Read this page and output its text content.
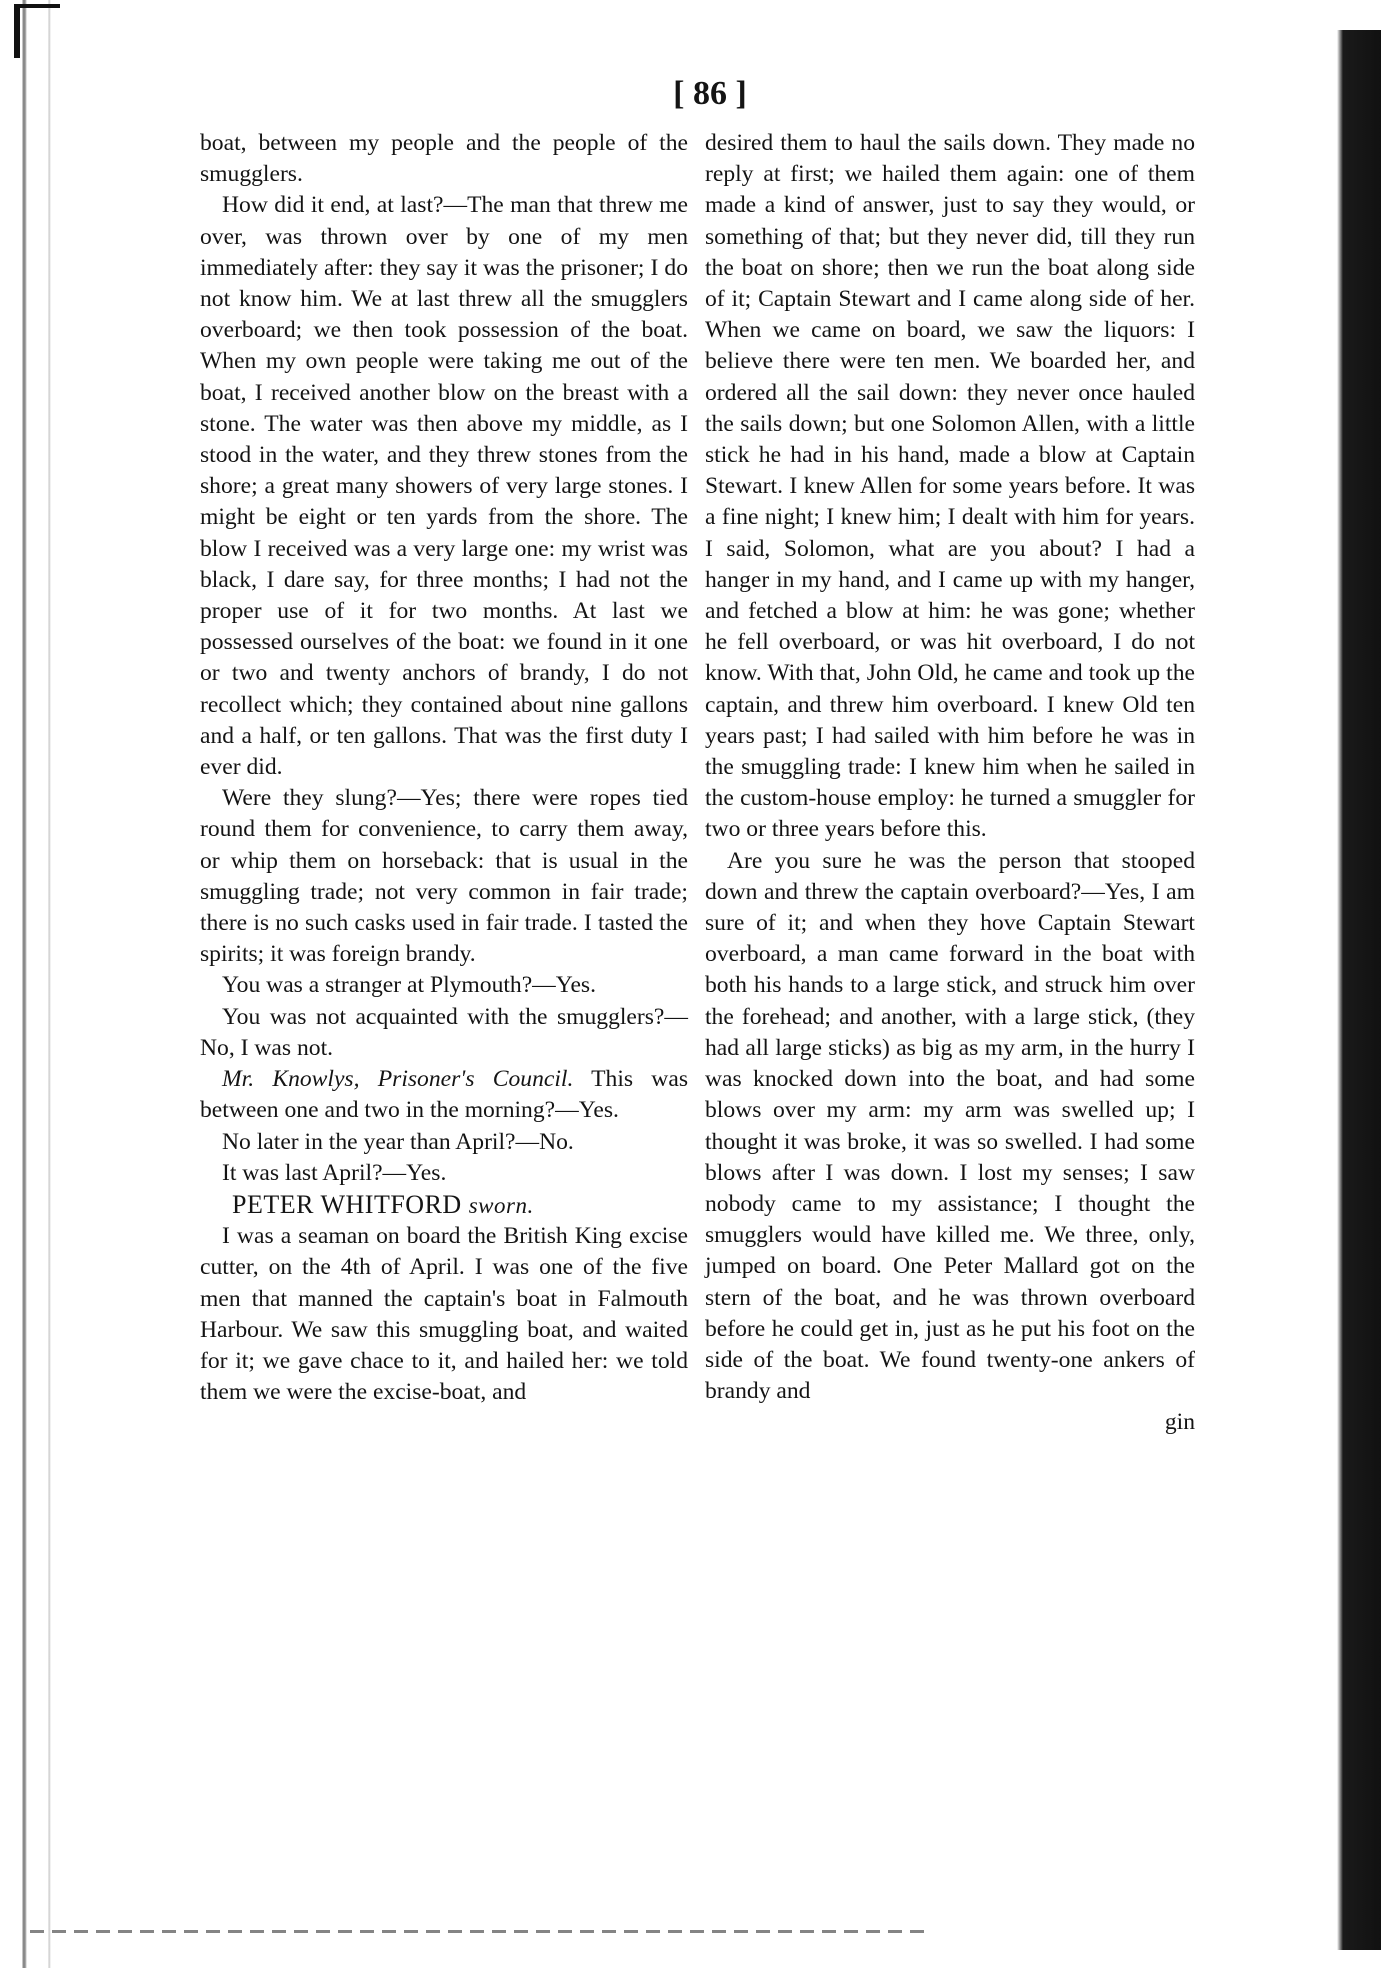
[ 86 ]

boat, between my people and the people of the smugglers.

How did it end, at last?—The man that threw me over, was thrown over by one of my men immediately after: they say it was the prisoner; I do not know him. We at last threw all the smugglers overboard; we then took possession of the boat. When my own people were taking me out of the boat, I received another blow on the breast with a stone. The water was then above my middle, as I stood in the water, and they threw stones from the shore; a great many showers of very large stones. I might be eight or ten yards from the shore. The blow I received was a very large one: my wrist was black, I dare say, for three months; I had not the proper use of it for two months. At last we possessed ourselves of the boat: we found in it one or two and twenty anchors of brandy, I do not recollect which; they contained about nine gallons and a half, or ten gallons. That was the first duty I ever did.

Were they slung?—Yes; there were ropes tied round them for convenience, to carry them away, or whip them on horseback: that is usual in the smuggling trade; not very common in fair trade; there is no such casks used in fair trade. I tasted the spirits; it was foreign brandy.

You was a stranger at Plymouth?—Yes.

You was not acquainted with the smugglers?—No, I was not.

Mr. Knowlys, Prisoner's Council. This was between one and two in the morning?—Yes.

No later in the year than April?—No.

It was last April?—Yes.

PETER WHITFORD sworn.

I was a seaman on board the British King excise cutter, on the 4th of April. I was one of the five men that manned the captain's boat in Falmouth Harbour. We saw this smuggling boat, and waited for it; we gave chace to it, and hailed her: we told them we were the excise-boat, and

desired them to haul the sails down. They made no reply at first; we hailed them again: one of them made a kind of answer, just to say they would, or something of that; but they never did, till they run the boat on shore; then we run the boat along side of it; Captain Stewart and I came along side of her. When we came on board, we saw the liquors: I believe there were ten men. We boarded her, and ordered all the sail down: they never once hauled the sails down; but one Solomon Allen, with a little stick he had in his hand, made a blow at Captain Stewart. I knew Allen for some years before. It was a fine night; I knew him; I dealt with him for years. I said, Solomon, what are you about? I had a hanger in my hand, and I came up with my hanger, and fetched a blow at him: he was gone; whether he fell overboard, or was hit overboard, I do not know. With that, John Old, he came and took up the captain, and threw him overboard. I knew Old ten years past; I had sailed with him before he was in the smuggling trade: I knew him when he sailed in the custom-house employ: he turned a smuggler for two or three years before this.

Are you sure he was the person that stooped down and threw the captain overboard?—Yes, I am sure of it; and when they hove Captain Stewart overboard, a man came forward in the boat with both his hands to a large stick, and struck him over the forehead; and another, with a large stick, (they had all large sticks) as big as my arm, in the hurry I was knocked down into the boat, and had some blows over my arm: my arm was swelled up; I thought it was broke, it was so swelled. I had some blows after I was down. I lost my senses; I saw nobody came to my assistance; I thought the smugglers would have killed me. We three, only, jumped on board. One Peter Mallard got on the stern of the boat, and he was thrown overboard before he could get in, just as he put his foot on the side of the boat. We found twenty-one ankers of brandy and

gin
